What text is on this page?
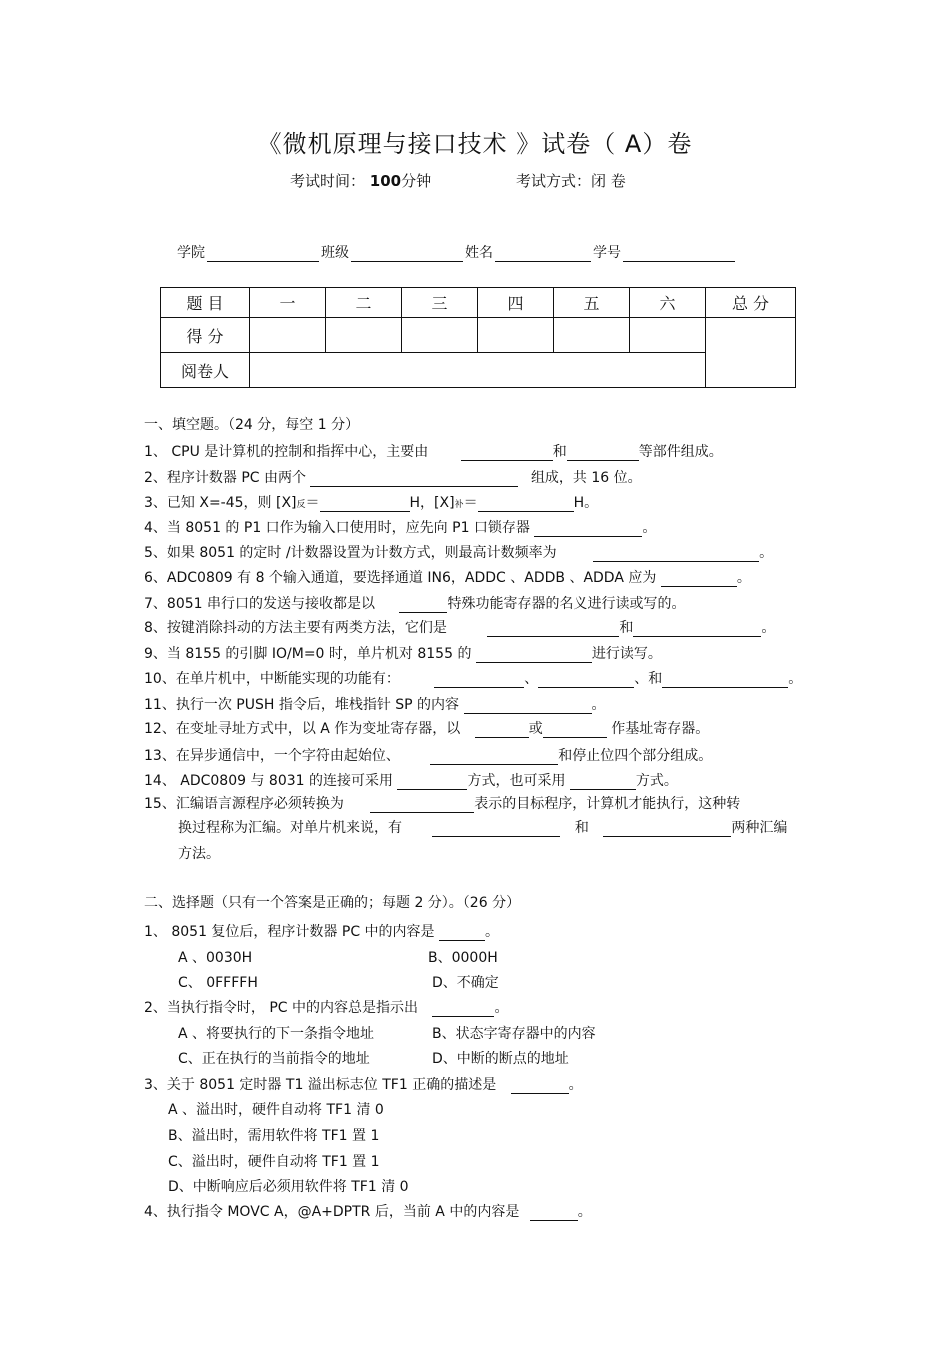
《微机原理与接口技术 》试卷（ A）卷
考试时间： 100分钟	考试方式：闭 卷
学院	班级	姓名	学号
题 目	一	二	三	四	五	六	总 分
得 分							
阅卷人							
一、填空题。（24 分，每空 1 分）
1、 CPU 是计算机的控制和指挥中心，主要由	和	等部件组成。
2、程序计数器 PC 由两个	组成，共 16 位。
3、已知 X=-45，则 [X]反＝	H，[X]补＝	H。
4、当 8051 的 P1 口作为输入口使用时，应先向 P1 口锁存器	。
5、如果 8051 的定时 /计数器设置为计数方式，则最高计数频率为	。
6、ADC0809 有 8 个输入通道，要选择通道 IN6，ADDC 、ADDB 、ADDA 应为	。
7、8051 串行口的发送与接收都是以	特殊功能寄存器的名义进行读或写的。
8、按键消除抖动的方法主要有两类方法，它们是	和	。
9、当 8155 的引脚 IO/M=0 时，单片机对 8155 的	进行读写。
10、在单片机中，中断能实现的功能有：	、	、和	。
11、执行一次 PUSH 指令后，堆栈指针 SP 的内容	。
12、在变址寻址方式中，以 A 作为变址寄存器，以	或	作基址寄存器。
13、在异步通信中，一个字符由起始位、	和停止位四个部分组成。
14、 ADC0809 与 8031 的连接可采用	方式，也可采用	方式。
15、汇编语言源程序必须转换为	表示的目标程序，计算机才能执行，这种转
换过程称为汇编。对单片机来说，有	和	两种汇编
方法。
二、选择题（只有一个答案是正确的；每题 2 分）。（26 分）
1、 8051 复位后，程序计数器 PC 中的内容是	。
A 、0030H	B、0000H
C、 0FFFFH	D、不确定
2、当执行指令时， PC 中的内容总是指示出	。
A 、将要执行的下一条指令地址	B、状态字寄存器中的内容
C、正在执行的当前指令的地址	D、中断的断点的地址
3、关于 8051 定时器 T1 溢出标志位 TF1 正确的描述是	。
A 、溢出时，硬件自动将 TF1 清 0
B、溢出时，需用软件将 TF1 置 1
C、溢出时，硬件自动将 TF1 置 1
D、中断响应后必须用软件将 TF1 清 0
4、执行指令 MOVC A，@A+DPTR 后，当前 A 中的内容是	。
